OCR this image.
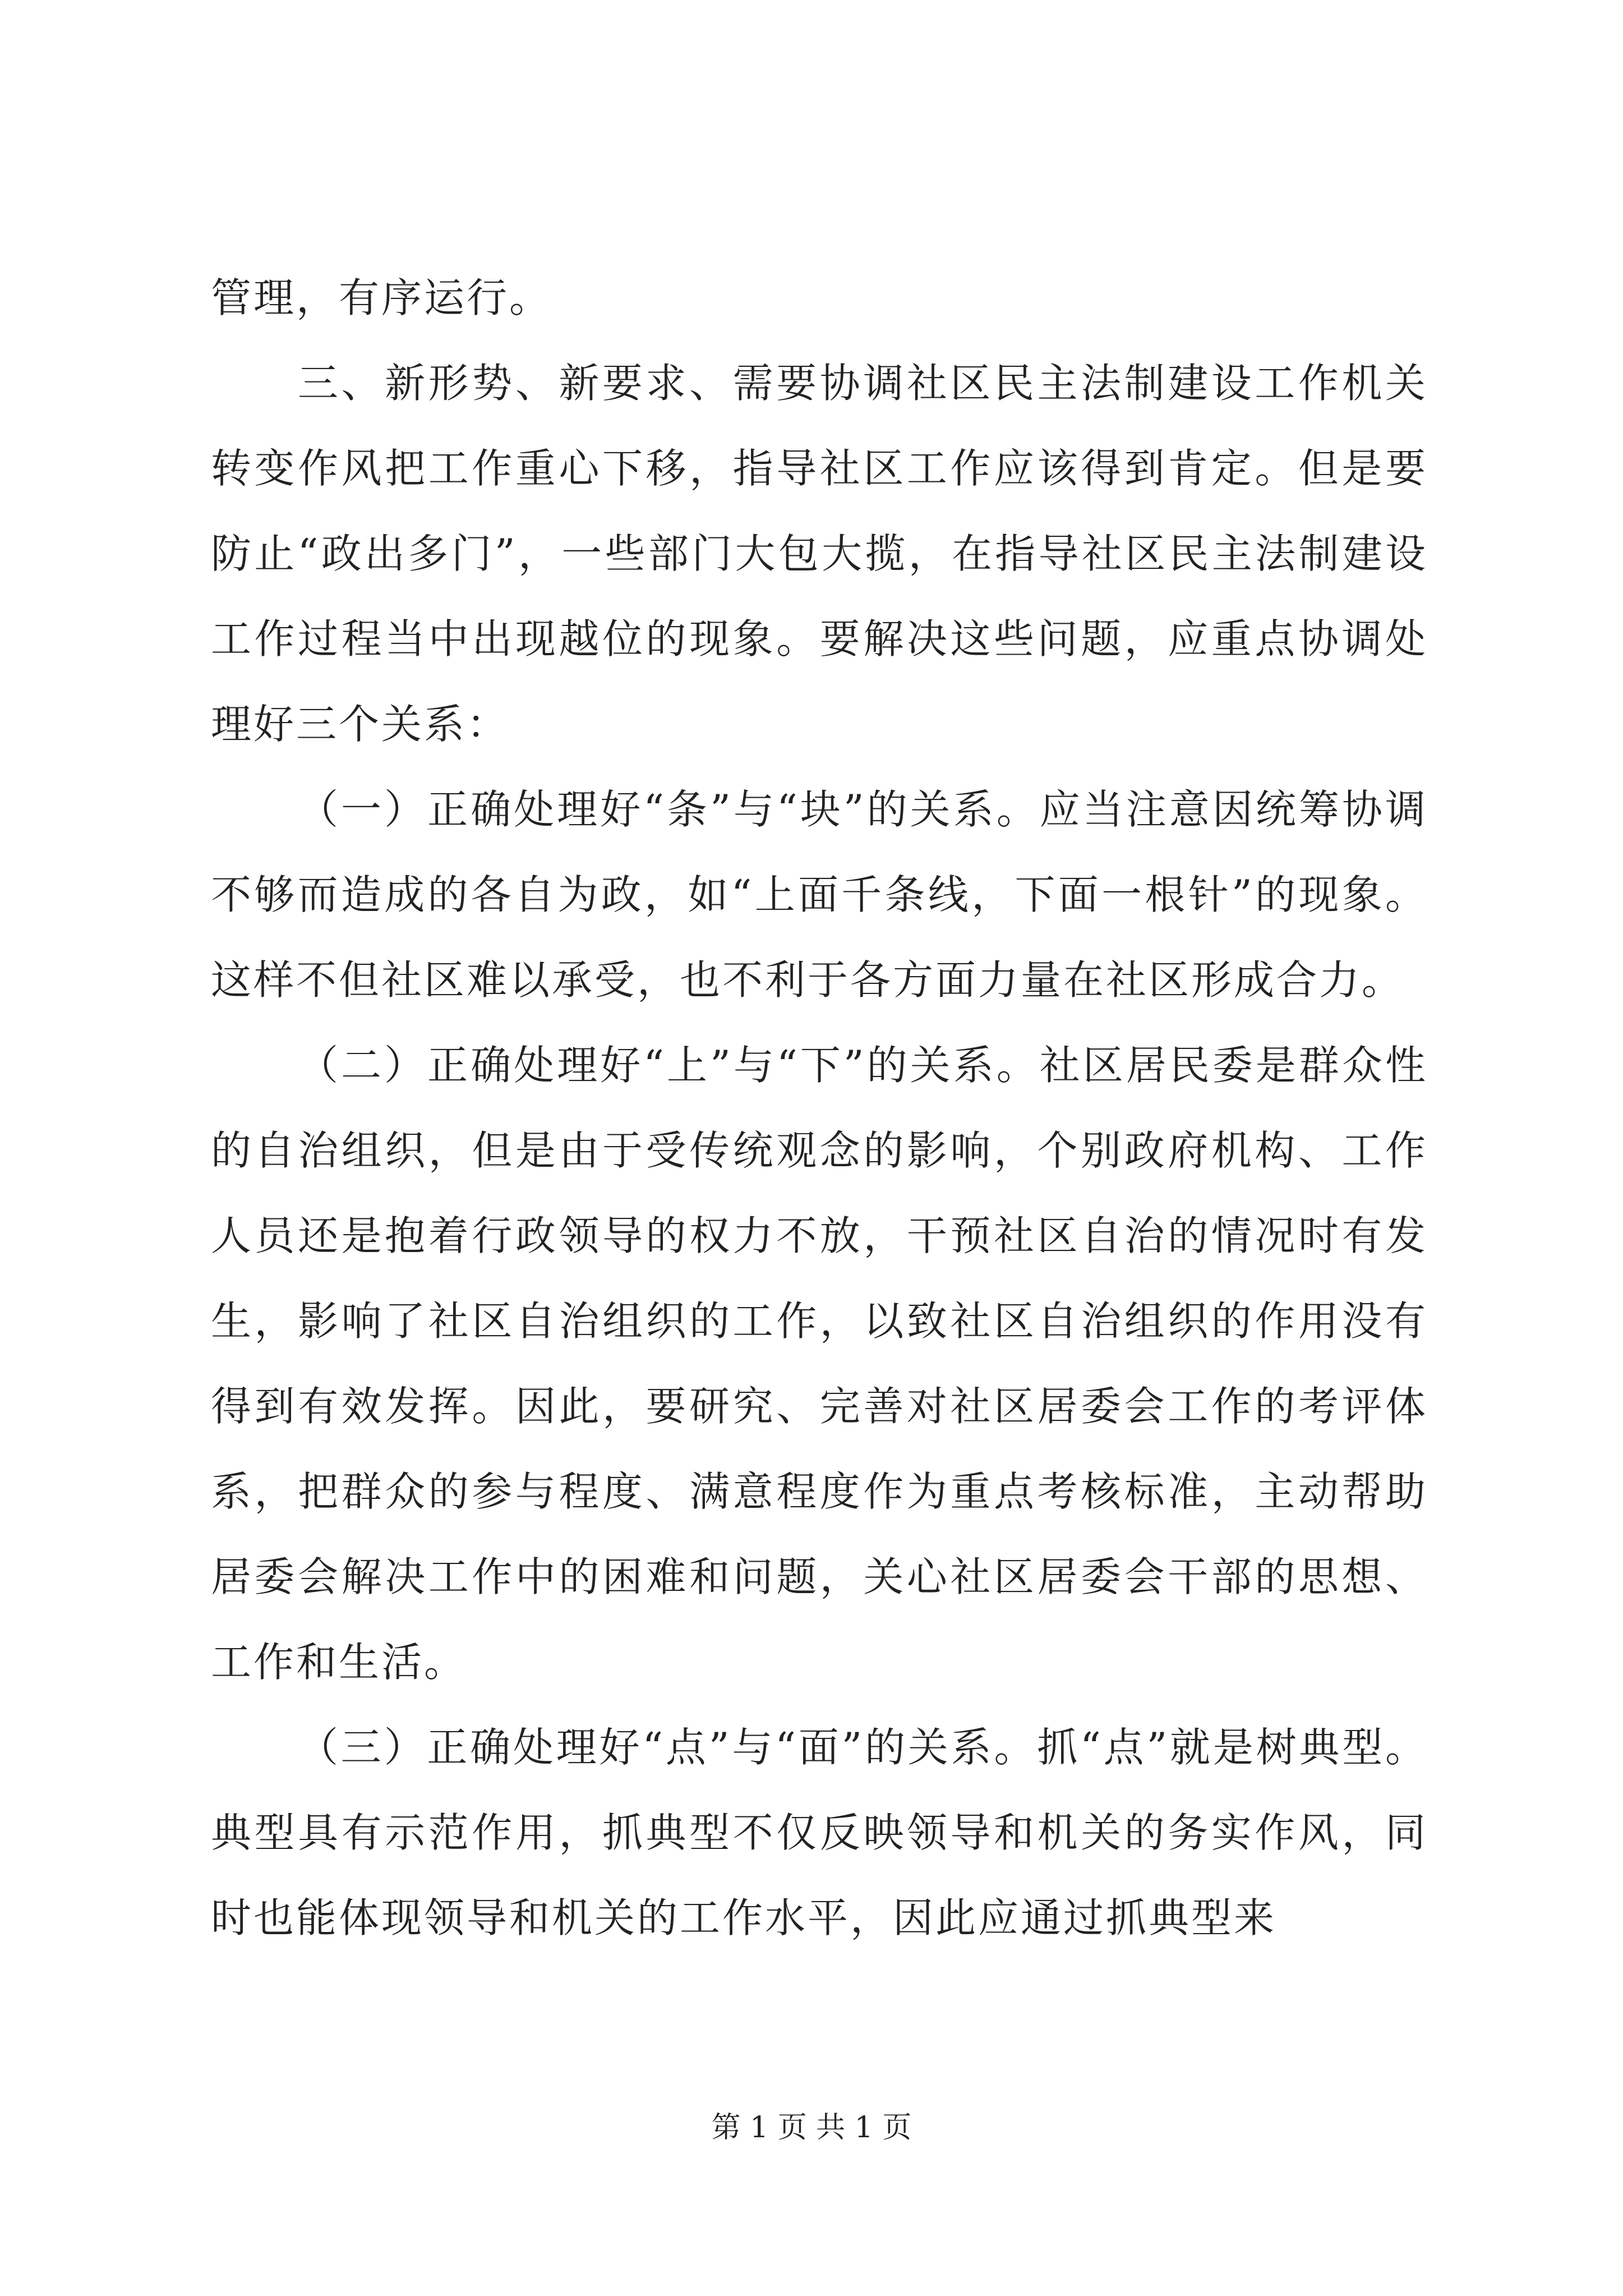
管理，有序运行。

三、新形势、新要求、需要协调社区民主法制建设工作机关转变作风把工作重心下移，指导社区工作应该得到肯定。但是要防止“政出多门”，一些部门大包大揽，在指导社区民主法制建设工作过程当中出现越位的现象。要解决这些问题，应重点协调处理好三个关系：

（一）正确处理好“条”与“块”的关系。应当注意因统筹协调不够而造成的各自为政，如“上面千条线，下面一根针”的现象。这样不但社区难以承受，也不利于各方面力量在社区形成合力。

（二）正确处理好“上”与“下”的关系。社区居民委是群众性的自治组织，但是由于受传统观念的影响，个别政府机构、工作人员还是抱着行政领导的权力不放，干预社区自治的情况时有发生，影响了社区自治组织的工作，以致社区自治组织的作用没有得到有效发挥。因此，要研究、完善对社区居委会工作的考评体系，把群众的参与程度、满意程度作为重点考核标准，主动帮助居委会解决工作中的困难和问题，关心社区居委会干部的思想、工作和生活。

（三）正确处理好“点”与“面”的关系。抓“点”就是树典型。典型具有示范作用，抓典型不仅反映领导和机关的务实作风，同时也能体现领导和机关的工作水平，因此应通过抓典型来

第 1 页 共 1 页
